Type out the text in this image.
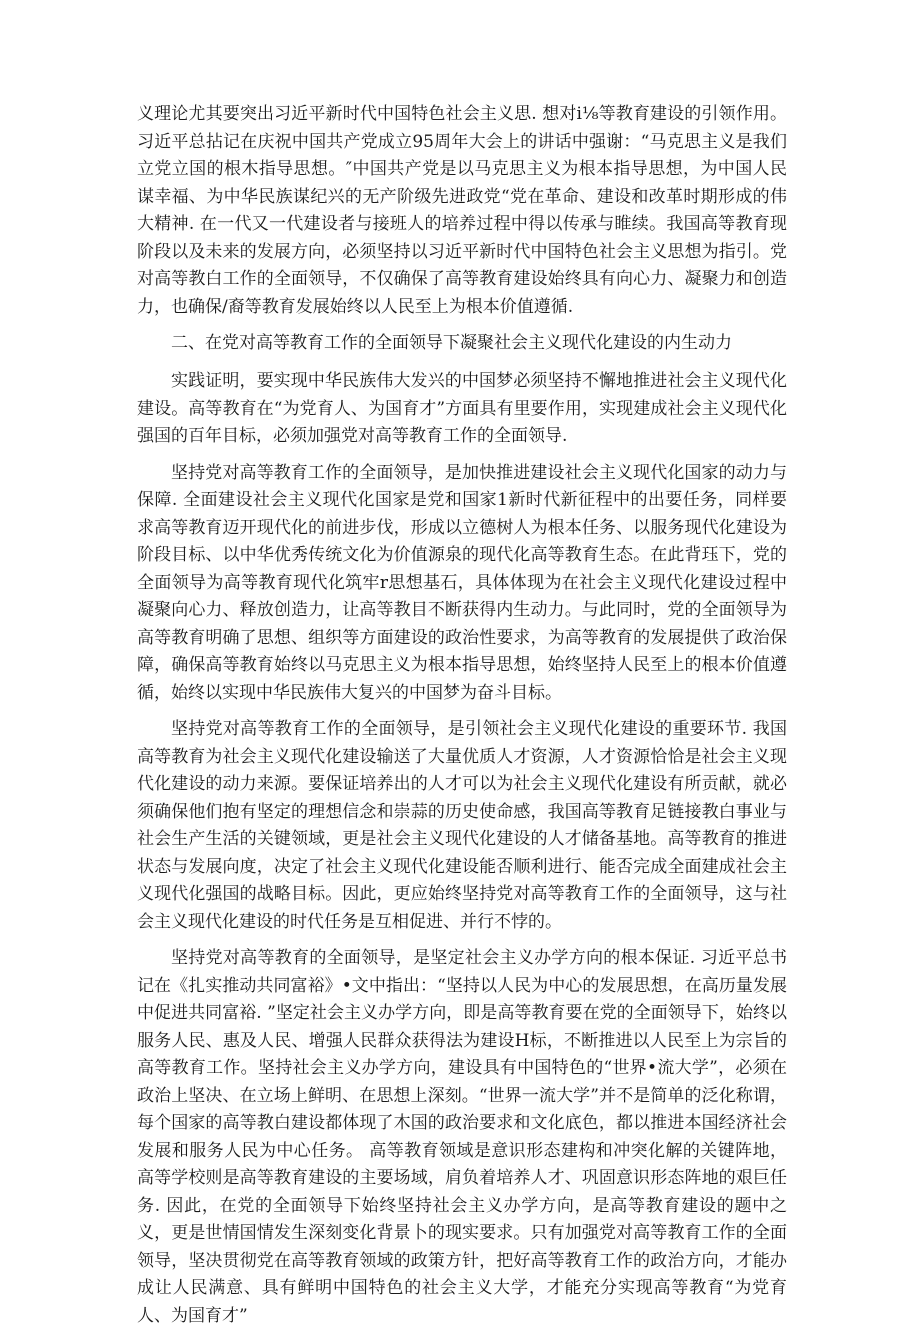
义理论尤其要突出习近平新时代中国特色社会主义思. 想对i⅛等教育建设的引领作用。习近平总拈记在庆祝中国共产党成立95周年大会上的讲话中强谢：“马克思主义是我们立党立国的根木指导思想。″中国共产党是以马克思主义为根本指导思想，为中国人民谋幸福、为中华民族谋纪兴的无产阶级先进政党“党在革命、建设和改革时期形成的伟大精神. 在一代又一代建设者与接班人的培养过程中得以传承与睢续。我国高等教育现阶段以及未来的发展方向，必须坚持以习近平新时代中国特色社会主义思想为指引。党对高等教白工作的全面领导，不仅确保了高等教育建设始终具有向心力、凝聚力和创造力，也确保/裔等教育发展始终以人民至上为根本价值遵循.

二、在党对高等教育工作的全面领导下凝聚社会主义现代化建设的内生动力

实践证明，要实现中华民族伟大发兴的中国梦必须坚持不懈地推进社会主义现代化建设。高等教育在“为党育人、为国育才”方面具有里要作用，实现建成社会主义现代化强国的百年目标，必须加强党对高等教育工作的全面领导.

坚持党对高等教育工作的全面领导，是加快推进建设社会主义现代化国家的动力与保障. 全面建设社会主义现代化国家是党和国家1新时代新征程中的出要任务，同样要求高等教育迈开现代化的前进步伐，形成以立德树人为根本任务、以服务现代化建设为阶段目标、以中华优秀传统文化为价值源泉的现代化高等教育生态。在此背珏下，党的全面领导为高等教育现代化筑牢r思想基石，具体体现为在社会主义现代化建设过程中凝聚向心力、释放创造力，让高等教目不断获得内生动力。与此同时，党的全面领导为高等教育明确了思想、组织等方面建设的政治性要求，为高等教育的发展提供了政治保障，确保高等教育始终以马克思主义为根本指导思想，始终坚持人民至上的根本价值遵循，始终以实现中华民族伟大复兴的中国梦为奋斗目标。

坚持党对高等教育工作的全面领导，是引领社会主义现代化建设的重要环节. 我国高等教育为社会主义现代化建设输送了大量优质人才资源，人才资源恰恰是社会主义现代化建设的动力来源。要保证培养出的人才可以为社会主义现代化建设有所贡献，就必须确保他们抱有坚定的理想信念和崇蒜的历史使命感，我国高等教育足链接教白事业与社会生产生活的关键领域，更是社会主义现代化建设的人才储备基地。高等教育的推进状态与发展向度，决定了社会主义现代化建设能否顺利进行、能否完成全面建成社会主义现代化强国的战略目标。因此，更应始终坚持党对高等教育工作的全面领导，这与社会主义现代化建设的时代任务是互相促进、并行不悖的。

坚持党对高等教育的全面领导，是坚定社会主义办学方向的根本保证. 习近平总书记在《扎实推动共同富裕》•文中指出：“坚持以人民为中心的发展思想，在高历量发展中促进共同富裕. ”坚定社会主义办学方向，即是高等教育要在党的全面领导下，始终以服务人民、惠及人民、增强人民群众获得法为建设H标，不断推进以人民至上为宗旨的高等教育工作。坚持社会主义办学方向，建设具有中国特色的“世界•流大学”，必须在政治上坚决、在立场上鲜明、在思想上深刻。“世界一流大学”并不是简单的泛化称谓，每个国家的高等教白建设都体现了木国的政治要求和文化底色，都以推进本国经济社会发展和服务人民为中心任务。 高等教育领域是意识形态建构和冲突化解的关键阵地，高等学校则是高等教育建设的主要场域，肩负着培养人才、巩固意识形态阵地的艰巨任务. 因此，在党的全面领导下始终坚持社会主义办学方向，是高等教育建设的题中之义，更是世情国情发生深刻变化背景卜的现实要求。只有加强党对高等教育工作的全面领导，坚决贯彻党在高等教育领域的政策方针，把好高等教育工作的政治方向，才能办成让人民满意、具有鲜明中国特色的社会主义大学，才能充分实现高等教育“为党育人、为国育才”
